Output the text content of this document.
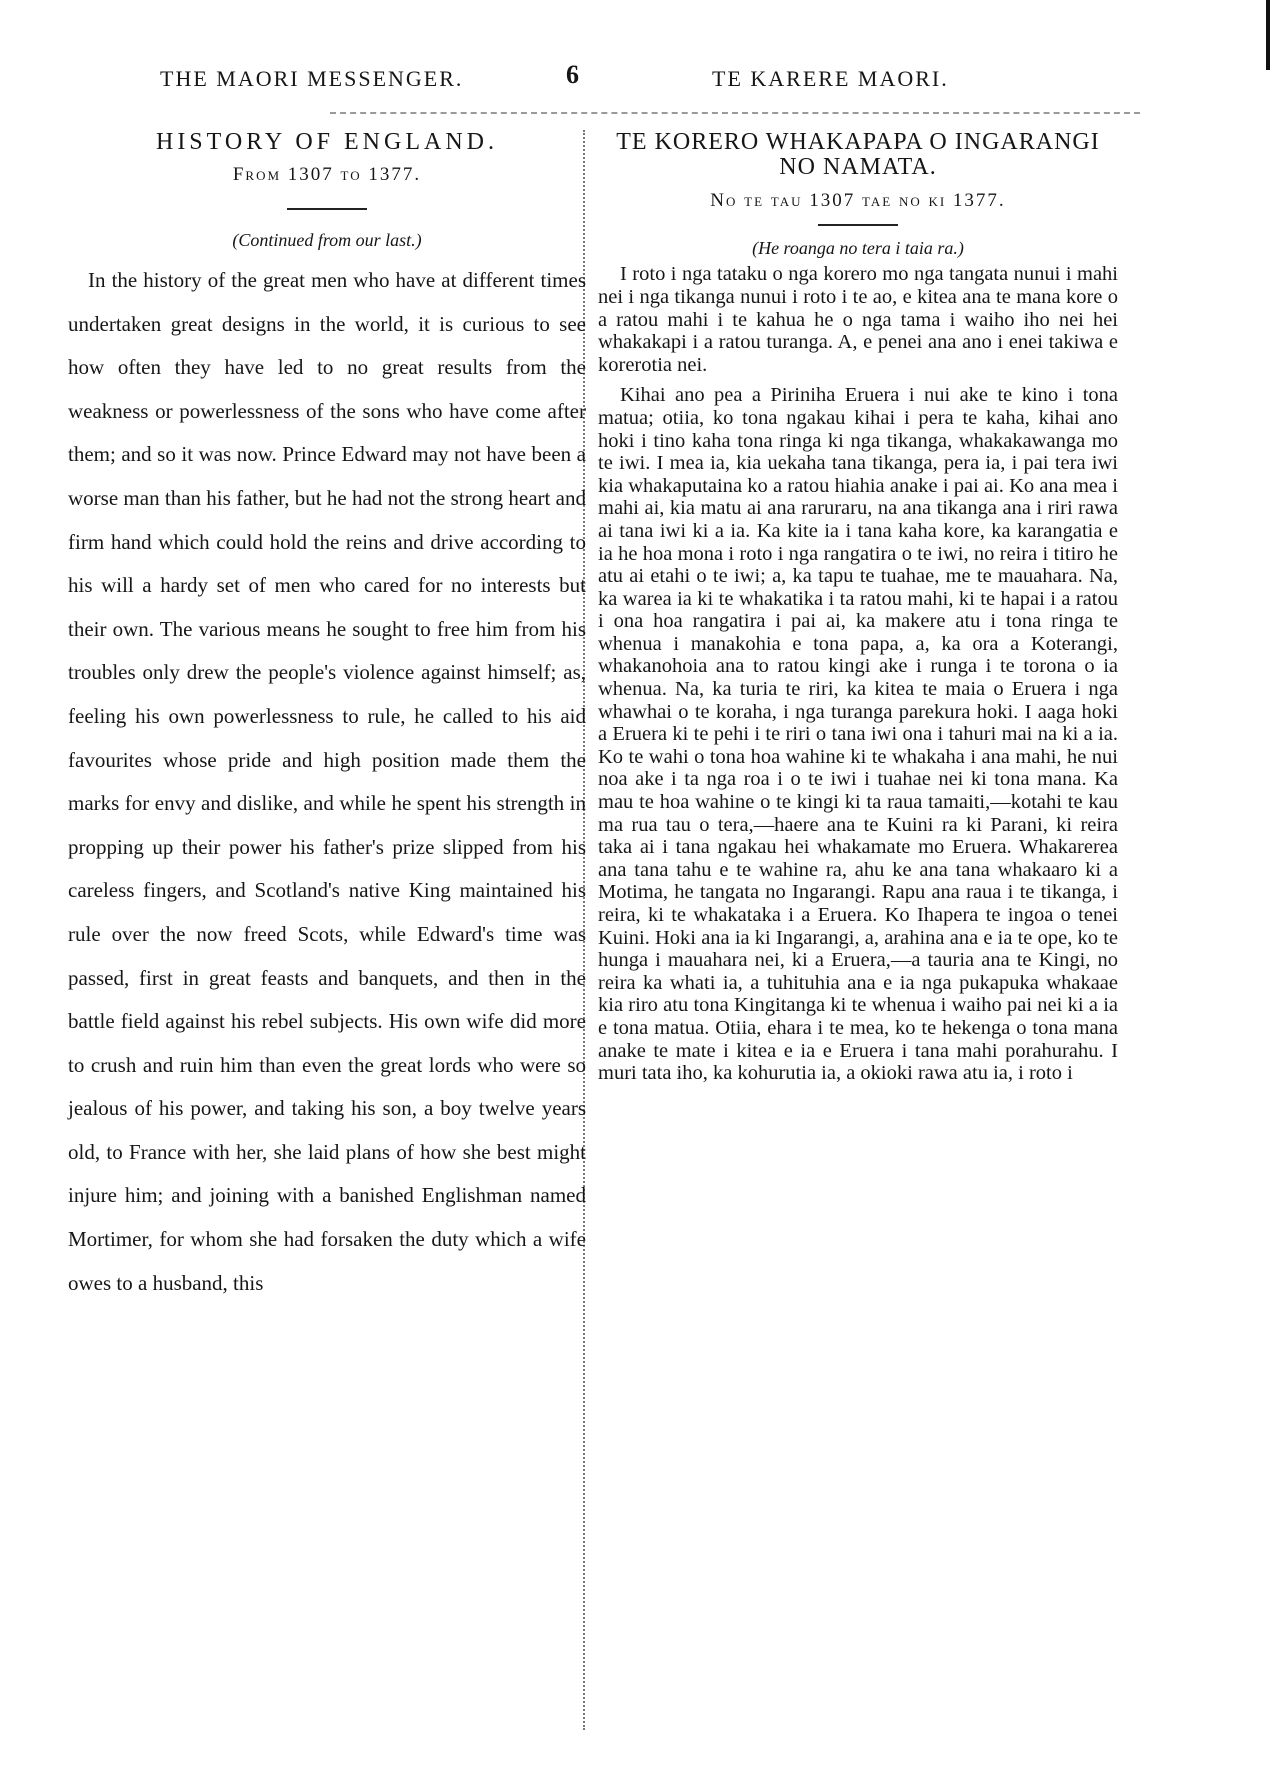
THE MAORI MESSENGER.	6	TE KARERE MAORI.
HISTORY OF ENGLAND.
From 1307 to 1377.
(Continued from our last.)

In the history of the great men who have at different times undertaken great designs in the world, it is curious to see how often they have led to no great results from the weakness or powerlessness of the sons who have come after them; and so it was now. Prince Edward may not have been a worse man than his father, but he had not the strong heart and firm hand which could hold the reins and drive according to his will a hardy set of men who cared for no interests but their own. The various means he sought to free him from his troubles only drew the people's violence against himself; as, feeling his own powerlessness to rule, he called to his aid favourites whose pride and high position made them the marks for envy and dislike, and while he spent his strength in propping up their power his father's prize slipped from his careless fingers, and Scotland's native King maintained his rule over the now freed Scots, while Edward's time was passed, first in great feasts and banquets, and then in the battle field against his rebel subjects. His own wife did more to crush and ruin him than even the great lords who were so jealous of his power, and taking his son, a boy twelve years old, to France with her, she laid plans of how she best might injure him; and joining with a banished Englishman named Mortimer, for whom she had forsaken the duty which a wife owes to a husband, this

TE KORERO WHAKAPAPA O INGARANGI NO NAMATA.
No te tau 1307 tae no ki 1377.
(He roanga no tera i taia ra.)

I roto i nga tataku o nga korero mo nga tangata nunui i mahi nei i nga tikanga nunui i roto i te ao, e kitea ana te mana kore o a ratou mahi i te kahua he o nga tama i waiho iho nei hei whakakapi i a ratou turanga. A, e penei ana ano i enei takiwa e korerotia nei.

Kihai ano pea a Piriniha Eruera i nui ake te kino i tona matua; otiia, ko tona ngakau kihai i pera te kaha, kihai ano hoki i tino kaha tona ringa ki nga tikanga, whakakawanga mo te iwi. I mea ia, kia uekaha tana tikanga, pera ia, i pai tera iwi kia whakaputaina ko a ratou hiahia anake i pai ai. Ko ana mea i mahi ai, kia matu ai ana raruraru, na ana tikanga ana i riri rawa ai tana iwi ki a ia. Ka kite ia i tana kaha kore, ka karangatia e ia he hoa mona i roto i nga rangatira o te iwi, no reira i titiro he atu ai etahi o te iwi; a, ka tapu te tuahae, me te mauahara. Na, ka warea ia ki te whakatika i ta ratou mahi, ki te hapai i a ratou i ona hoa rangatira i pai ai, ka makere atu i tona ringa te whenua i manakohia e tona papa, a, ka ora a Koterangi, whakanohoia ana to ratou kingi ake i runga i te torona o ia whenua. Na, ka turia te riri, ka kitea te maia o Eruera i nga whawhai o te koraha, i nga turanga parekura hoki. I aaga hoki a Eruera ki te pehi i te riri o tana iwi ona i tahuri mai na ki a ia. Ko te wahi o tona hoa wahine ki te whakaha i ana mahi, he nui noa ake i ta nga roa i o te iwi i tuahae nei ki tona mana. Ka mau te hoa wahine o te kingi ki ta raua tamaiti,—kotahi te kau ma rua tau o tera,—haere ana te Kuini ra ki Parani, ki reira taka ai i tana ngakau hei whakamate mo Eruera. Whakarerea ana tana tahu e te wahine ra, ahu ke ana tana whakaaro ki a Motima, he tangata no Ingarangi. Rapu ana raua i te tikanga, i reira, ki te whakataka i a Eruera. Ko Ihapera te ingoa o tenei Kuini. Hoki ana ia ki Ingarangi, a, arahina ana e ia te ope, ko te hunga i mauahara nei, ki a Eruera,—a tauria ana te Kingi, no reira ka whati ia, a tuhituhia ana e ia nga pukapuka whakaae kia riro atu tona Kingitanga ki te whenua i waiho pai nei ki a ia e tona matua. Otiia, ehara i te mea, ko te hekenga o tona mana anake te mate i kitea e ia e Eruera i tana mahi porahurahu. I muri tata iho, ka kohurutia ia, a okioki rawa atu ia, i roto i
